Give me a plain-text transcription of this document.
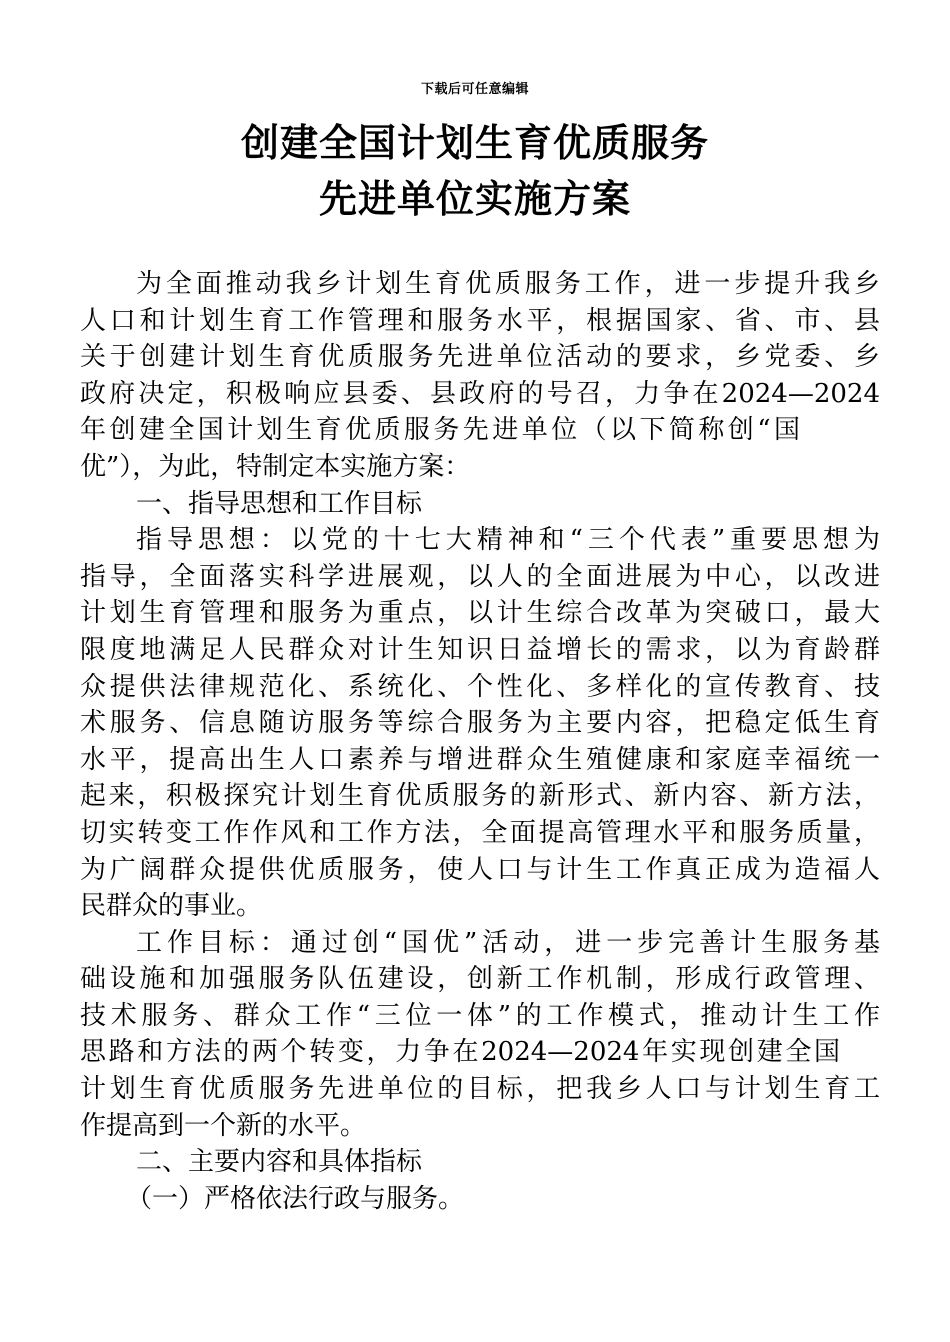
下载后可任意编辑
创建全国计划生育优质服务
先进单位实施方案

为全面推动我乡计划生育优质服务工作，进一步提升我乡
人口和计划生育工作管理和服务水平，根据国家、省、市、县
关于创建计划生育优质服务先进单位活动的要求，乡党委、乡
政府决定，积极响应县委、县政府的号召，力争在2024—2024
年创建全国计划生育优质服务先进单位（以下简称创“国
优”），为此，特制定本实施方案：

一、指导思想和工作目标

指导思想：以党的十七大精神和“三个代表”重要思想为
指导，全面落实科学进展观，以人的全面进展为中心，以改进
计划生育管理和服务为重点，以计生综合改革为突破口，最大
限度地满足人民群众对计生知识日益增长的需求，以为育龄群
众提供法律规范化、系统化、个性化、多样化的宣传教育、技
术服务、信息随访服务等综合服务为主要内容，把稳定低生育
水平，提高出生人口素养与增进群众生殖健康和家庭幸福统一
起来，积极探究计划生育优质服务的新形式、新内容、新方法，
切实转变工作作风和工作方法，全面提高管理水平和服务质量，
为广阔群众提供优质服务，使人口与计生工作真正成为造福人
民群众的事业。

工作目标：通过创“国优”活动，进一步完善计生服务基
础设施和加强服务队伍建设，创新工作机制，形成行政管理、
技术服务、群众工作“三位一体”的工作模式，推动计生工作
思路和方法的两个转变，力争在2024—2024年实现创建全国
计划生育优质服务先进单位的目标，把我乡人口与计划生育工
作提高到一个新的水平。

二、主要内容和具体指标

（一）严格依法行政与服务。
